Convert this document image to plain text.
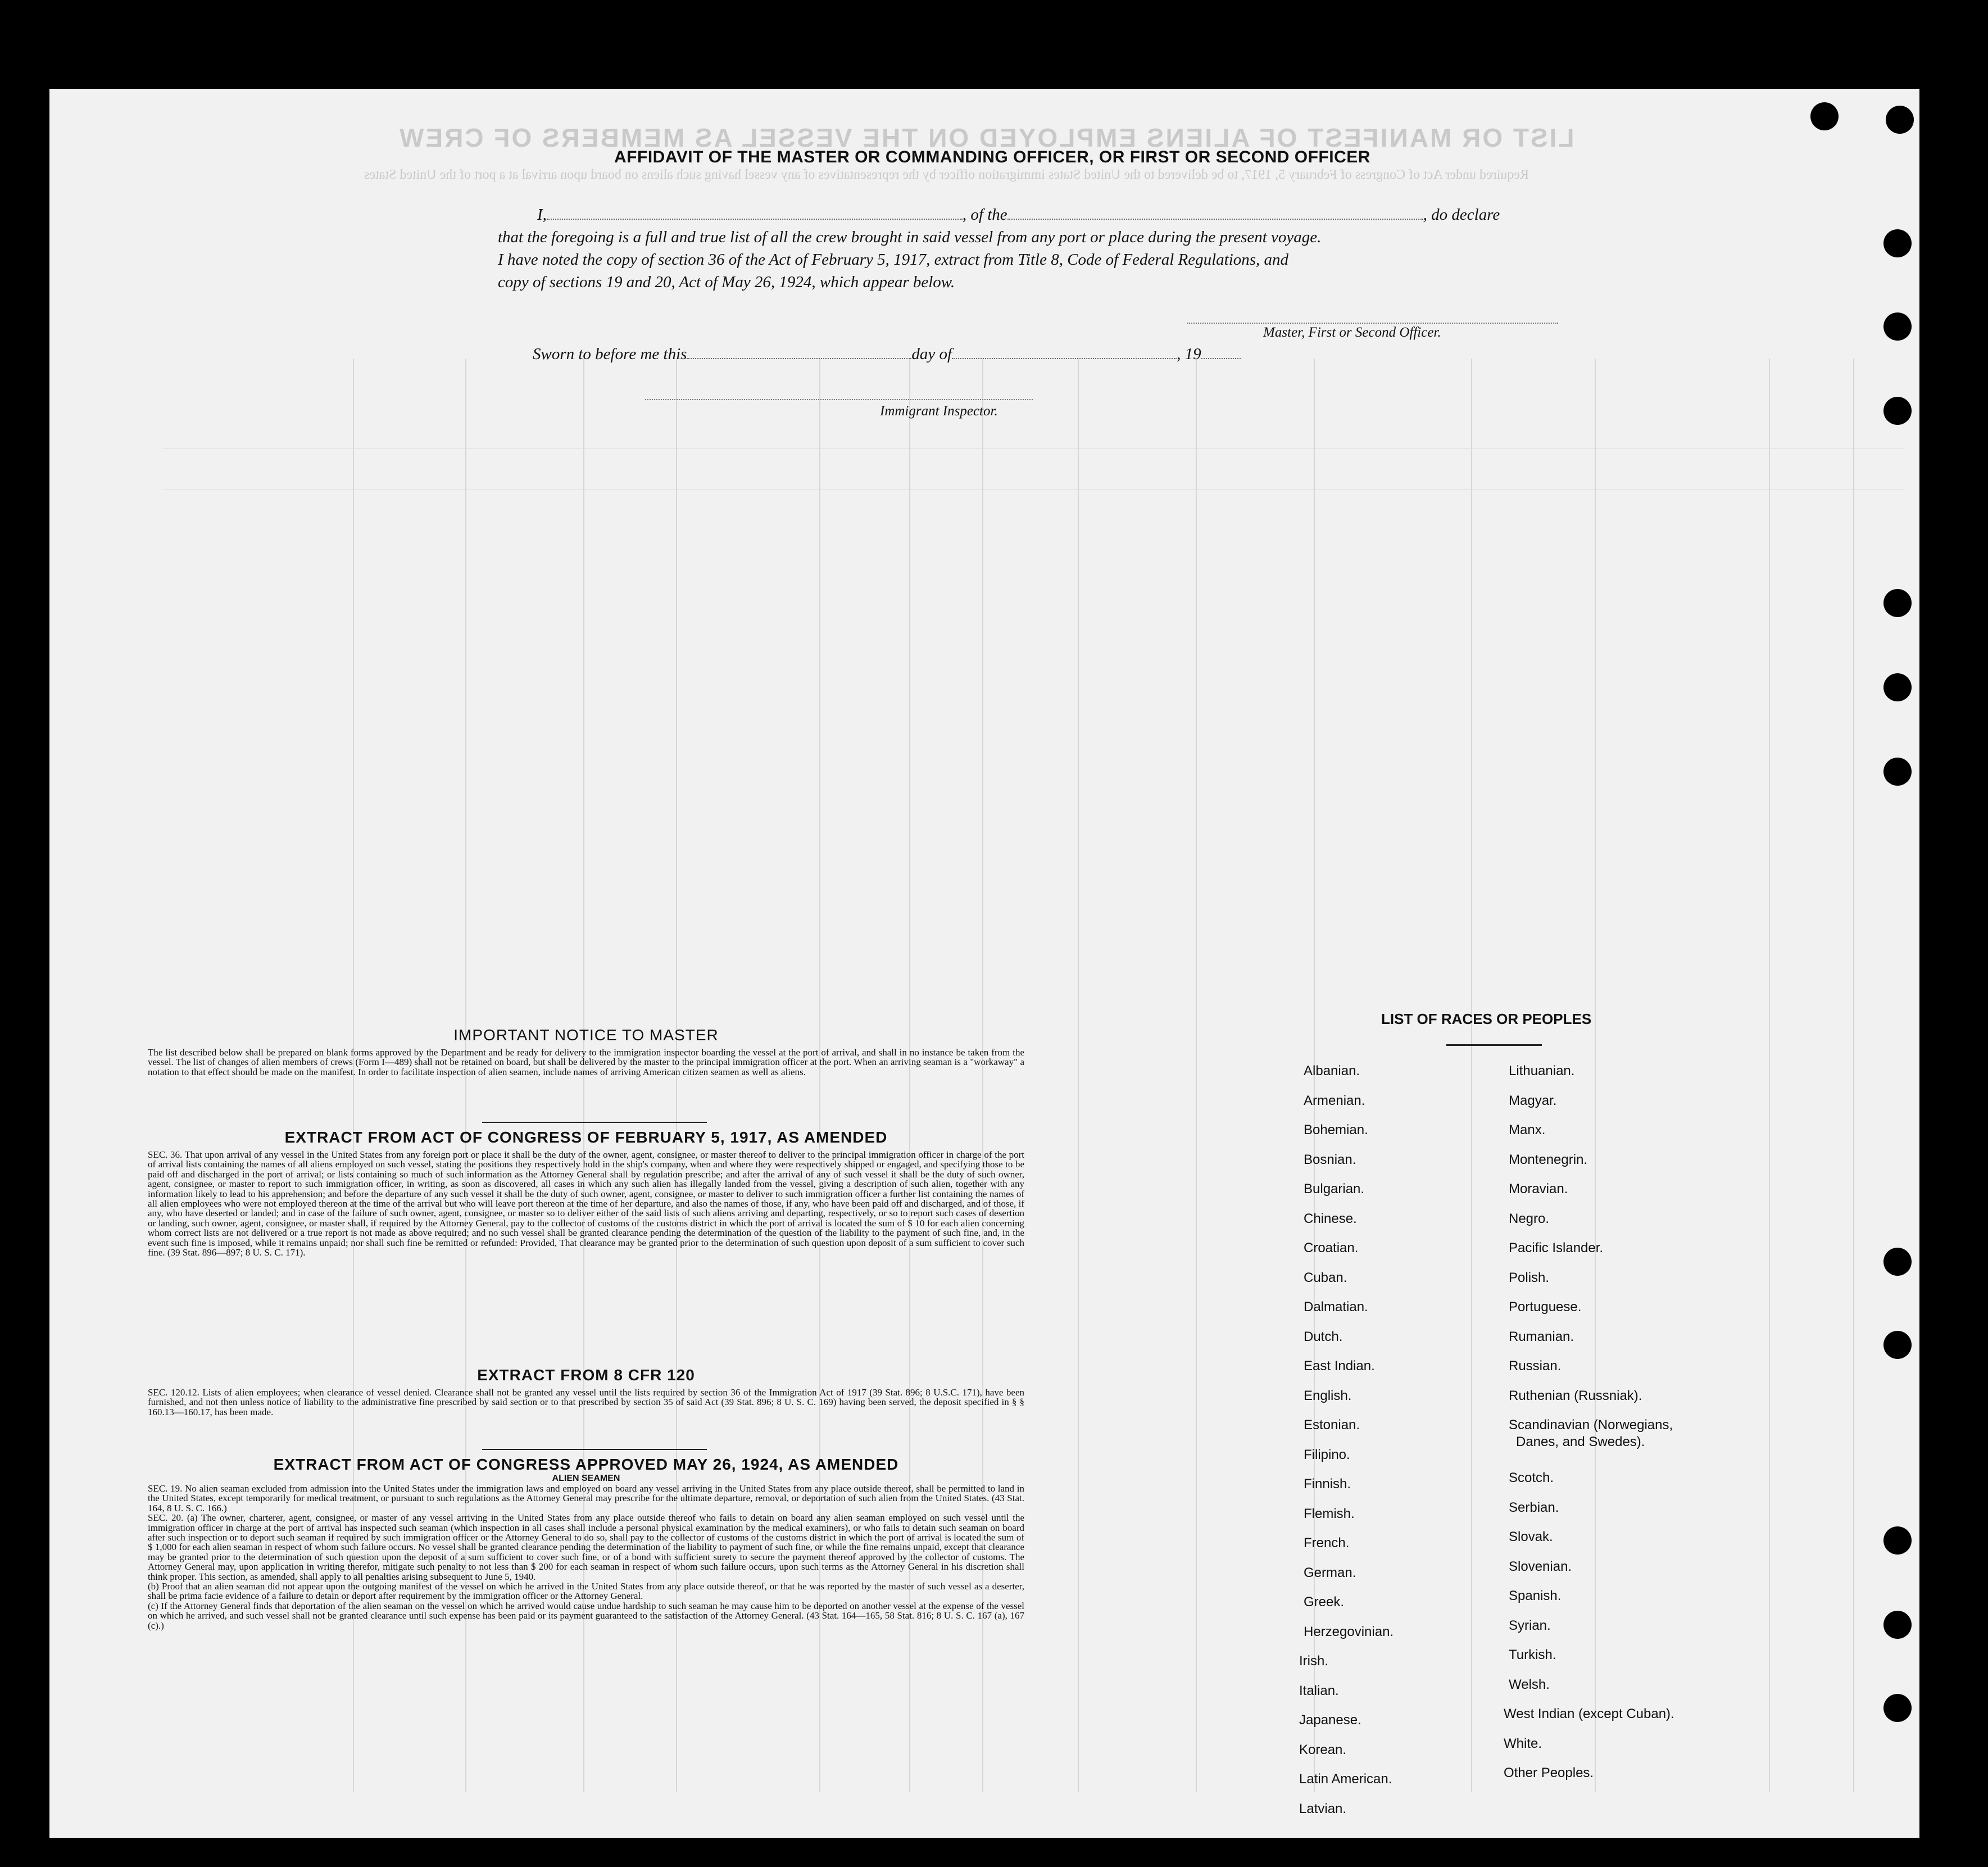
LIST OR MANIFEST OF ALIENS EMPLOYED ON THE VESSEL AS MEMBERS OF CREW
Required under Act of Congress of February 5, 1917, to be delivered to the United States immigration officer by the representatives of any vessel having such aliens on board upon arrival at a port of the United States
AFFIDAVIT OF THE MASTER OR COMMANDING OFFICER, OR FIRST OR SECOND OFFICER
I,	, of the	, do declare
that the foregoing is a full and true list of all the crew brought in said vessel from any port or place during the present voyage.
I have noted the copy of section 36 of the Act of February 5, 1917, extract from Title 8, Code of Federal Regulations, and
copy of sections 19 and 20, Act of May 26, 1924, which appear below.
Master, First or Second Officer.
Sworn to before me this	day of	, 19
Immigrant Inspector.
IMPORTANT NOTICE TO MASTER

The list described below shall be prepared on blank forms approved by the Department and be ready for delivery to the immigration inspector boarding the vessel at the port of arrival, and shall in no instance be taken from the vessel. The list of changes of alien members of crews (Form I—489) shall not be retained on board, but shall be delivered by the master to the principal immigration officer at the port. When an arriving seaman is a "workaway" a notation to that effect should be made on the manifest. In order to facilitate inspection of alien seamen, include names of arriving American citizen seamen as well as aliens.

EXTRACT FROM ACT OF CONGRESS OF FEBRUARY 5, 1917, AS AMENDED

SEC. 36. That upon arrival of any vessel in the United States from any foreign port or place it shall be the duty of the owner, agent, consignee, or master thereof to deliver to the principal immigration officer in charge of the port of arrival lists containing the names of all aliens employed on such vessel, stating the positions they respectively hold in the ship's company, when and where they were respectively shipped or engaged, and specifying those to be paid off and discharged in the port of arrival; or lists containing so much of such information as the Attorney General shall by regulation prescribe; and after the arrival of any of such vessel it shall be the duty of such owner, agent, consignee, or master to report to such immigration officer, in writing, as soon as discovered, all cases in which any such alien has illegally landed from the vessel, giving a description of such alien, together with any information likely to lead to his apprehension; and before the departure of any such vessel it shall be the duty of such owner, agent, consignee, or master to deliver to such immigration officer a further list containing the names of all alien employees who were not employed thereon at the time of the arrival but who will leave port thereon at the time of her departure, and also the names of those, if any, who have been paid off and discharged, and of those, if any, who have deserted or landed; and in case of the failure of such owner, agent, consignee, or master so to deliver either of the said lists of such aliens arriving and departing, respectively, or so to report such cases of desertion or landing, such owner, agent, consignee, or master shall, if required by the Attorney General, pay to the collector of customs of the customs district in which the port of arrival is located the sum of $ 10 for each alien concerning whom correct lists are not delivered or a true report is not made as above required; and no such vessel shall be granted clearance pending the determination of the question of the liability to the payment of such fine, and, in the event such fine is imposed, while it remains unpaid; nor shall such fine be remitted or refunded: Provided, That clearance may be granted prior to the determination of such question upon deposit of a sum sufficient to cover such fine. (39 Stat. 896—897; 8 U. S. C. 171).

EXTRACT FROM 8 CFR 120

SEC. 120.12. Lists of alien employees; when clearance of vessel denied. Clearance shall not be granted any vessel until the lists required by section 36 of the Immigration Act of 1917 (39 Stat. 896; 8 U.S.C. 171), have been furnished, and not then unless notice of liability to the administrative fine prescribed by said section or to that prescribed by section 35 of said Act (39 Stat. 896; 8 U. S. C. 169) having been served, the deposit specified in § § 160.13—160.17, has been made.

EXTRACT FROM ACT OF CONGRESS APPROVED MAY 26, 1924, AS AMENDED
ALIEN SEAMEN

SEC. 19. No alien seaman excluded from admission into the United States under the immigration laws and employed on board any vessel arriving in the United States from any place outside thereof, shall be permitted to land in the United States, except temporarily for medical treatment, or pursuant to such regulations as the Attorney General may prescribe for the ultimate departure, removal, or deportation of such alien from the United States. (43 Stat. 164, 8 U. S. C. 166.)

SEC. 20. (a) The owner, charterer, agent, consignee, or master of any vessel arriving in the United States from any place outside thereof who fails to detain on board any alien seaman employed on such vessel until the immigration officer in charge at the port of arrival has inspected such seaman (which inspection in all cases shall include a personal physical examination by the medical examiners), or who fails to detain such seaman on board after such inspection or to deport such seaman if required by such immigration officer or the Attorney General to do so, shall pay to the collector of customs of the customs district in which the port of arrival is located the sum of $ 1,000 for each alien seaman in respect of whom such failure occurs. No vessel shall be granted clearance pending the determination of the liability to payment of such fine, or while the fine remains unpaid, except that clearance may be granted prior to the determination of such question upon the deposit of a sum sufficient to cover such fine, or of a bond with sufficient surety to secure the payment thereof approved by the collector of customs. The Attorney General may, upon application in writing therefor, mitigate such penalty to not less than $ 200 for each seaman in respect of whom such failure occurs, upon such terms as the Attorney General in his discretion shall think proper. This section, as amended, shall apply to all penalties arising subsequent to June 5, 1940.

(b) Proof that an alien seaman did not appear upon the outgoing manifest of the vessel on which he arrived in the United States from any place outside thereof, or that he was reported by the master of such vessel as a deserter, shall be prima facie evidence of a failure to detain or deport after requirement by the immigration officer or the Attorney General.

(c) If the Attorney General finds that deportation of the alien seaman on the vessel on which he arrived would cause undue hardship to such seaman he may cause him to be deported on another vessel at the expense of the vessel on which he arrived, and such vessel shall not be granted clearance until such expense has been paid or its payment guaranteed to the satisfaction of the Attorney General. (43 Stat. 164—165, 58 Stat. 816; 8 U. S. C. 167 (a), 167 (c).)

LIST OF RACES OR PEOPLES
Albanian.
Armenian.
Bohemian.
Bosnian.
Bulgarian.
Chinese.
Croatian.
Cuban.
Dalmatian.
Dutch.
East Indian.
English.
Estonian.
Filipino.
Finnish.
Flemish.
French.
German.
Greek.
Herzegovinian.
Irish.
Italian.
Japanese.
Korean.
Latin American.
Latvian.
Lithuanian.
Magyar.
Manx.
Montenegrin.
Moravian.
Negro.
Pacific Islander.
Polish.
Portuguese.
Rumanian.
Russian.
Ruthenian (Russniak).
Scandinavian (Norwegians,
Danes, and Swedes).
Scotch.
Serbian.
Slovak.
Slovenian.
Spanish.
Syrian.
Turkish.
Welsh.
West Indian (except Cuban).
White.
Other Peoples.
